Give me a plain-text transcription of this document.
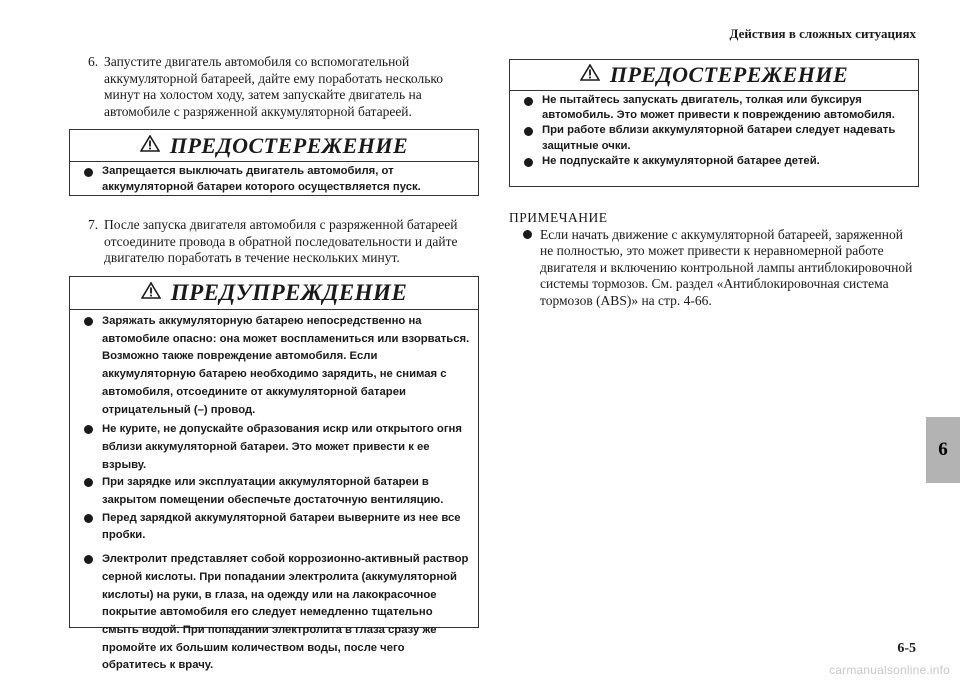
Действия в сложных ситуациях
6
6. Запустите двигатель автомобиля со вспомогательной аккумуляторной батареей, дайте ему поработать несколько минут на холостом ходу, затем запускайте двигатель на автомобиле с разряженной аккумуляторной батареей.
ПРЕДОСТЕРЕЖЕНИЕ
Запрещается выключать двигатель автомобиля, от аккумуляторной батареи которого осуществляется пуск.
7. После запуска двигателя автомобиля с разряженной батареей отсоедините провода в обратной последовательности и дайте двигателю поработать в течение нескольких минут.
ПРЕДУПРЕЖДЕНИЕ
Заряжать аккумуляторную батарею непосредственно на автомобиле опасно: она может воспламениться или взорваться. Возможно также повреждение автомобиля. Если аккумуляторную батарею необходимо зарядить, не снимая с автомобиля, отсоедините от аккумуляторной батареи отрицательный (–) провод.
Не курите, не допускайте образования искр или открытого огня вблизи аккумуляторной батареи. Это может привести к ее взрыву.
При зарядке или эксплуатации аккумуляторной батареи в закрытом помещении обеспечьте достаточную вентиляцию.
Перед зарядкой аккумуляторной батареи выверните из нее все пробки.
Электролит представляет собой коррозионно-активный раствор серной кислоты. При попадании электролита (аккумуляторной кислоты) на руки, в глаза, на одежду или на лакокрасочное покрытие автомобиля его следует немедленно тщательно смыть водой. При попадании электролита в глаза сразу же промойте их большим количеством воды, после чего обратитесь к врачу.
ПРЕДОСТЕРЕЖЕНИЕ
Не пытайтесь запускать двигатель, толкая или буксируя автомобиль. Это может привести к повреждению автомобиля.
При работе вблизи аккумуляторной батареи следует надевать защитные очки.
Не подпускайте к аккумуляторной батарее детей.
ПРИМЕЧАНИЕ
Если начать движение с аккумуляторной батареей, заряженной не полностью, это может привести к неравномерной работе двигателя и включению контрольной лампы антиблокировочной системы тормозов. См. раздел «Антиблокировочная система тормозов (ABS)» на стр. 4-66.
6-5
carmanualsonline.info
